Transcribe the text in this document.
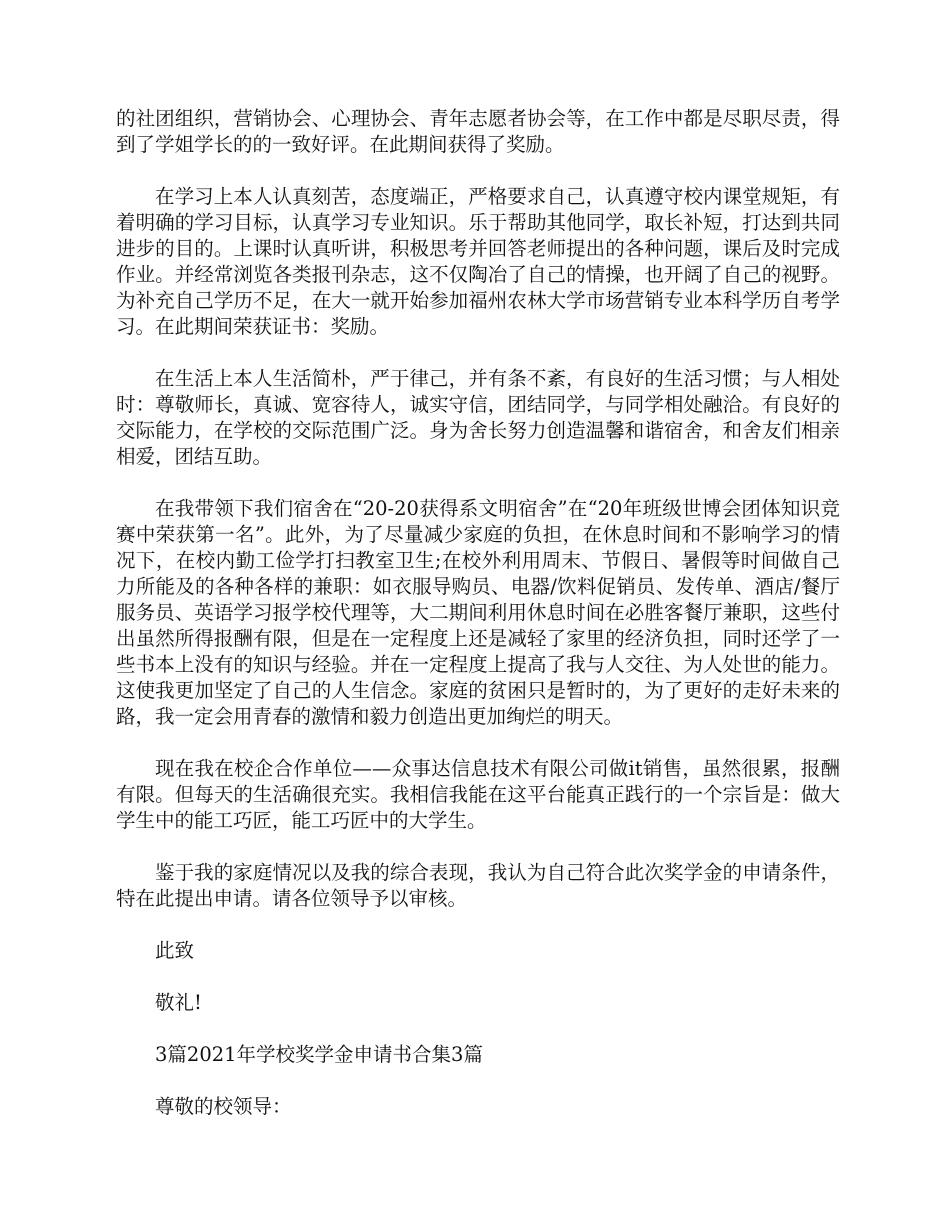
的社团组织，营销协会、心理协会、青年志愿者协会等，在工作中都是尽职尽责，得到了学姐学长的的一致好评。在此期间获得了奖励。

在学习上本人认真刻苦，态度端正，严格要求自己，认真遵守校内课堂规矩，有着明确的学习目标，认真学习专业知识。乐于帮助其他同学，取长补短，打达到共同进步的目的。上课时认真听讲，积极思考并回答老师提出的各种问题，课后及时完成作业。并经常浏览各类报刊杂志，这不仅陶冶了自己的情操，也开阔了自己的视野。为补充自己学历不足，在大一就开始参加福州农林大学市场营销专业本科学历自考学习。在此期间荣获证书：奖励。

在生活上本人生活简朴，严于律己，并有条不紊，有良好的生活习惯；与人相处时：尊敬师长，真诚、宽容待人，诚实守信，团结同学，与同学相处融洽。有良好的交际能力，在学校的交际范围广泛。身为舍长努力创造温馨和谐宿舍，和舍友们相亲相爱，团结互助。

在我带领下我们宿舍在“20-20获得系文明宿舍”在“20年班级世博会团体知识竞赛中荣获第一名”。此外，为了尽量减少家庭的负担，在休息时间和不影响学习的情况下，在校内勤工俭学打扫教室卫生;在校外利用周末、节假日、暑假等时间做自己力所能及的各种各样的兼职：如衣服导购员、电器/饮料促销员、发传单、酒店/餐厅服务员、英语学习报学校代理等，大二期间利用休息时间在必胜客餐厅兼职，这些付出虽然所得报酬有限，但是在一定程度上还是减轻了家里的经济负担，同时还学了一些书本上没有的知识与经验。并在一定程度上提高了我与人交往、为人处世的能力。这使我更加坚定了自己的人生信念。家庭的贫困只是暂时的，为了更好的走好未来的路，我一定会用青春的激情和毅力创造出更加绚烂的明天。

现在我在校企合作单位——众事达信息技术有限公司做it销售，虽然很累，报酬有限。但每天的生活确很充实。我相信我能在这平台能真正践行的一个宗旨是：做大学生中的能工巧匠，能工巧匠中的大学生。

鉴于我的家庭情况以及我的综合表现，我认为自己符合此次奖学金的申请条件，特在此提出申请。请各位领导予以审核。

此致

敬礼!

3篇2021年学校奖学金申请书合集3篇

尊敬的校领导：
